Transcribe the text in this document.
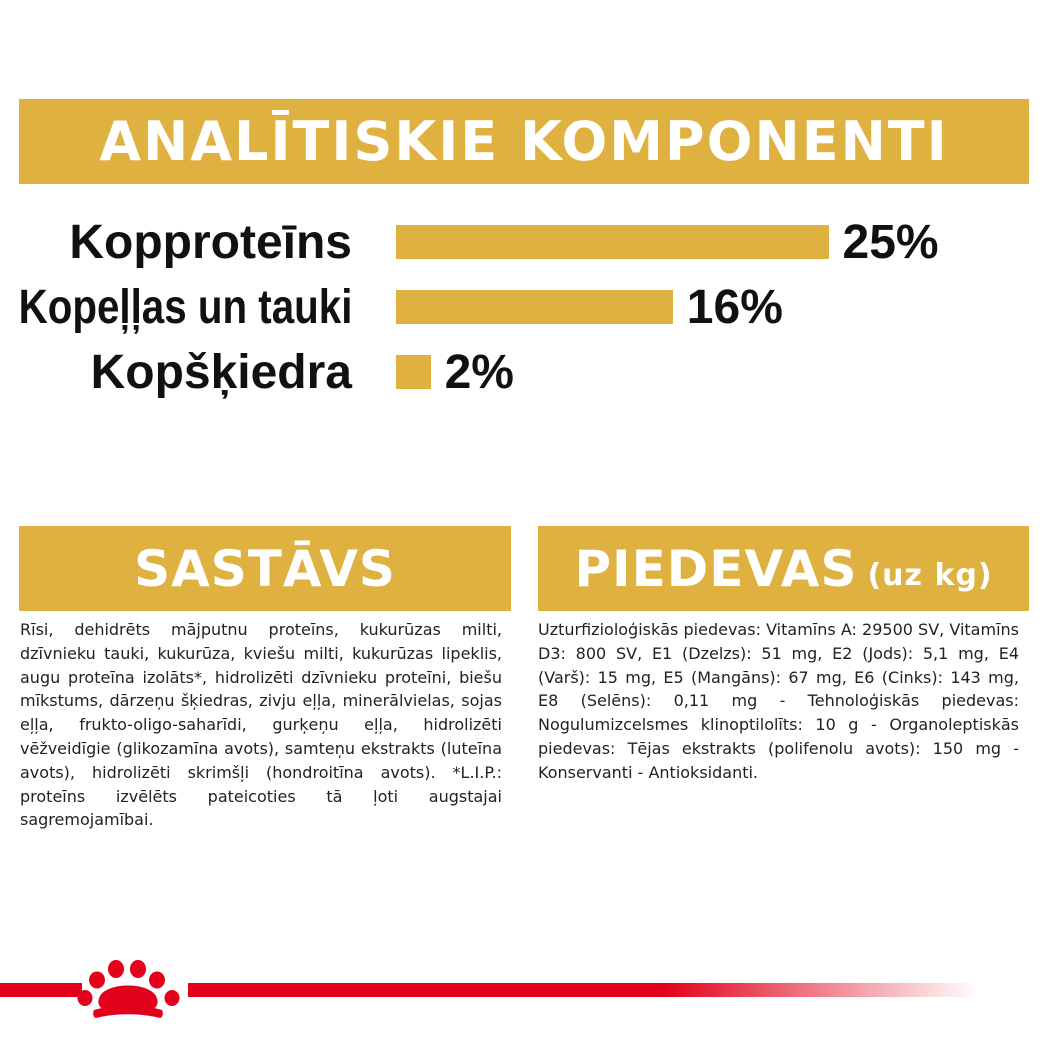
ANALĪTISKIE KOMPONENTI
Kopproteīns	25%
Kopeļļas un tauki	16%
Kopšķiedra 2%
SASTĀVS	PIEDEVAS (uz kg)
Rīsi, dehidrēts mājputnu proteīns, kukurūzas milti, dzīvnieku tauki, kukurūza, kviešu milti, kukurūzas lipeklis, augu proteīna izolāts*, hidrolizēti dzīvnieku proteīni, biešu mīkstums, dārzeņu šķiedras, zivju eļļa, minerālvielas, sojas eļļa, frukto-oligo-saharīdi, gurķeņu eļļa, hidrolizēti vēžveidīgie (glikozamīna avots), samteņu ekstrakts (luteīna avots), hidrolizēti skrimšļi (hondroitīna avots). *L.I.P.: proteīns izvēlēts pateicoties tā ļoti augstajai sagremojamībai.
Uzturfizioloģiskās piedevas: Vitamīns A: 29500 SV, Vitamīns D3: 800 SV, E1 (Dzelzs): 51 mg, E2 (Jods): 5,1 mg, E4 (Varš): 15 mg, E5 (Mangāns): 67 mg, E6 (Cinks): 143 mg, E8 (Selēns): 0,11 mg - Tehnoloģiskās piedevas: Nogulumizcelsmes klinoptilolīts: 10 g - Organoleptiskās piedevas: Tējas ekstrakts (polifenolu avots): 150 mg - Konservanti - Antioksidanti.
